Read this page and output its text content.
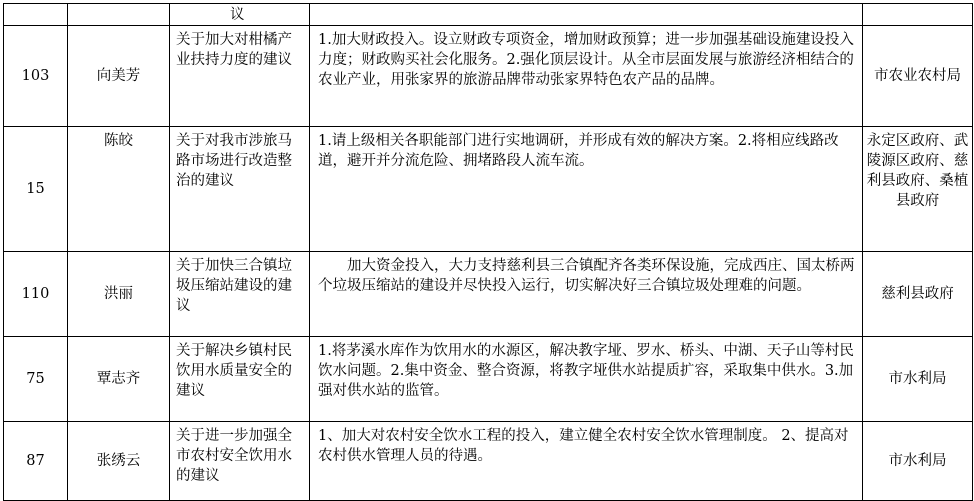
		议		
103	向美芳	关于加大对柑橘产业扶持力度的建议	1.加大财政投入。设立财政专项资金，增加财政预算；进一步加强基础设施建设投入力度；财政购买社会化服务。2.强化顶层设计。从全市层面发展与旅游经济相结合的农业产业，用张家界的旅游品牌带动张家界特色农产品的品牌。	市农业农村局
15	陈皎	关于对我市涉旅马路市场进行改造整治的建议	1.请上级相关各职能部门进行实地调研，并形成有效的解决方案。2.将相应线路改道，避开并分流危险、拥堵路段人流车流。	永定区政府、武陵源区政府、慈利县政府、桑植县政府
110	洪丽	关于加快三合镇垃圾压缩站建设的建议	加大资金投入，大力支持慈利县三合镇配齐各类环保设施，完成西庄、国太桥两个垃圾压缩站的建设并尽快投入运行，切实解决好三合镇垃圾处理难的问题。	慈利县政府
75	覃志齐	关于解决乡镇村民饮用水质量安全的建议	1.将茅溪水库作为饮用水的水源区，解决教字垭、罗水、桥头、中湖、天子山等村民饮水问题。2.集中资金、整合资源，将教字垭供水站提质扩容，采取集中供水。3.加强对供水站的监管。	市水利局
87	张绣云	关于进一步加强全市农村安全饮用水的建议	1、加大对农村安全饮水工程的投入，建立健全农村安全饮水管理制度。 2、提高对农村供水管理人员的待遇。	市水利局
